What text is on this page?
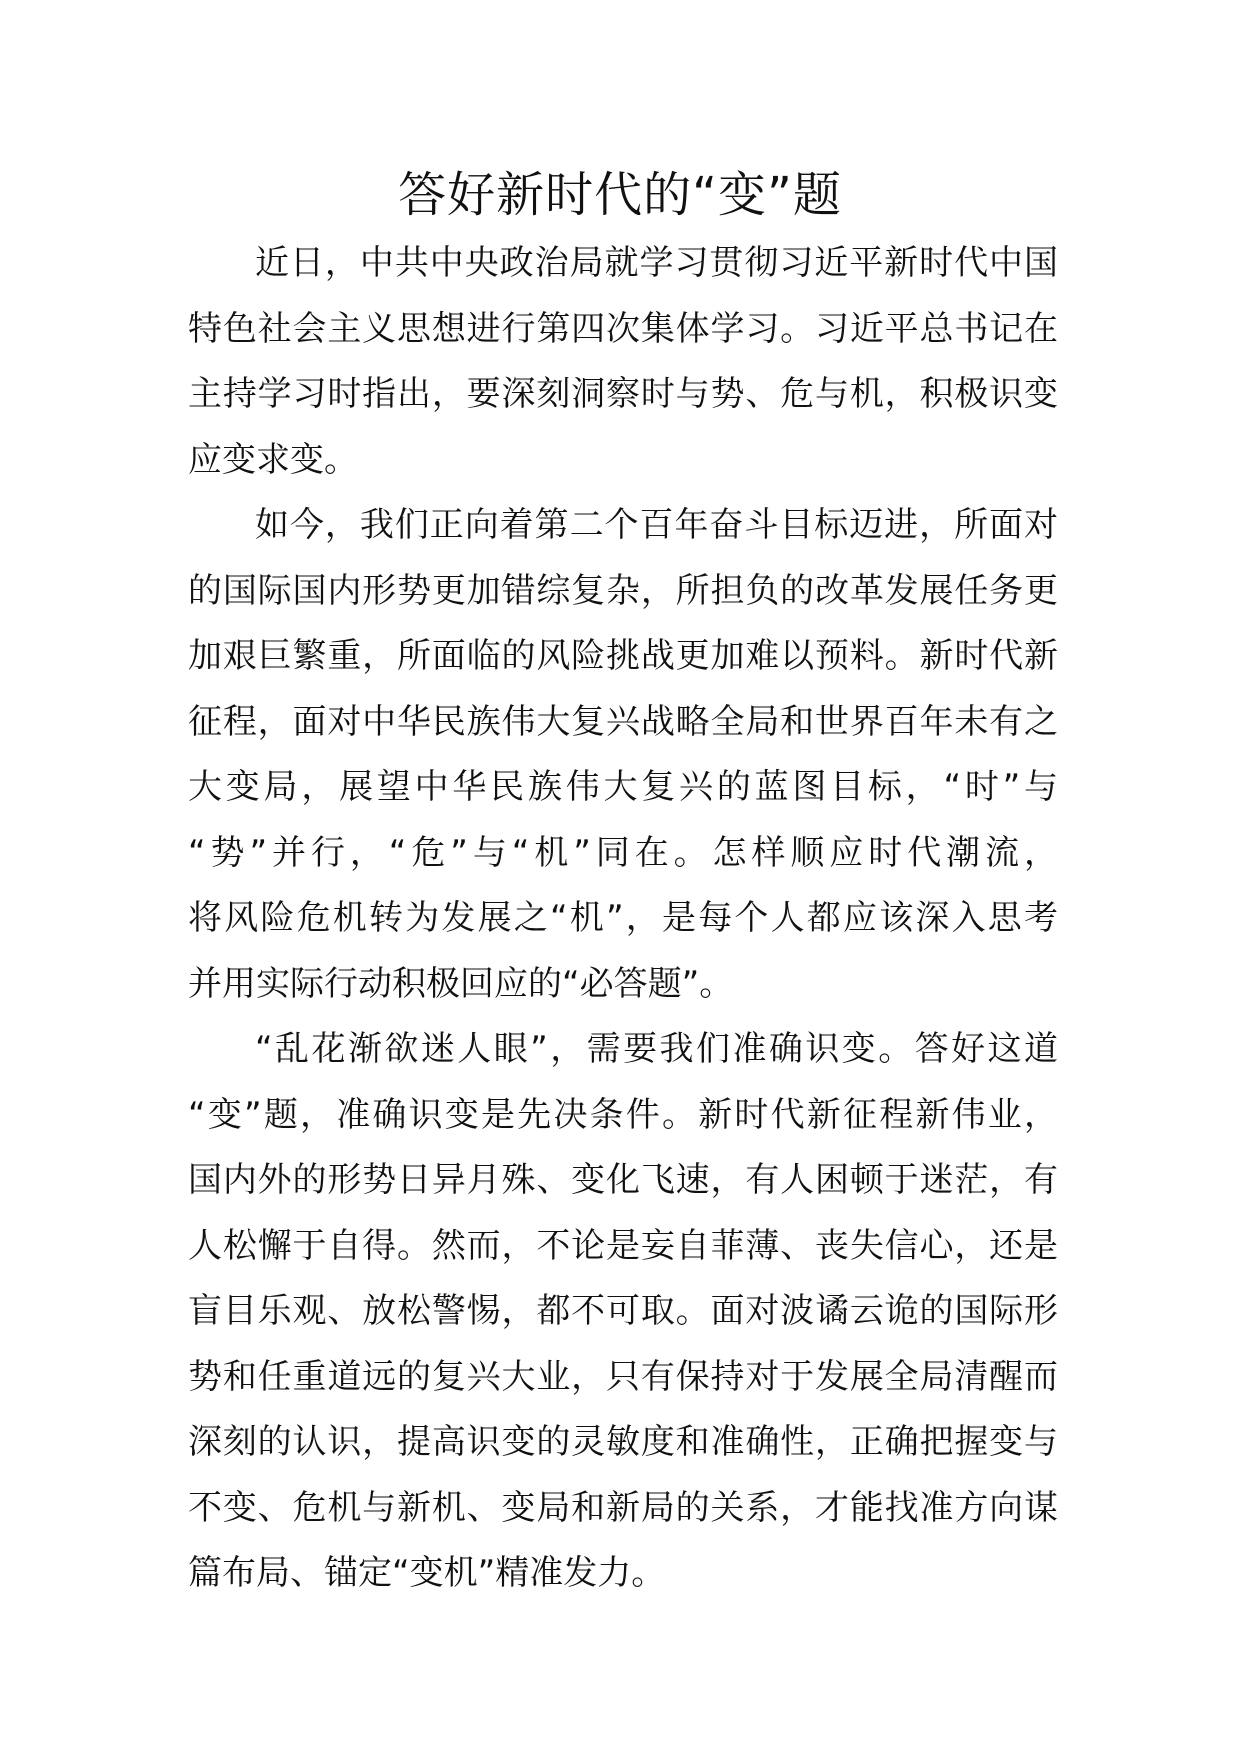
答好新时代的“变”题
近日，中共中央政治局就学习贯彻习近平新时代中国
特色社会主义思想进行第四次集体学习。习近平总书记在
主持学习时指出，要深刻洞察时与势、危与机，积极识变
应变求变。
如今，我们正向着第二个百年奋斗目标迈进，所面对
的国际国内形势更加错综复杂，所担负的改革发展任务更
加艰巨繁重，所面临的风险挑战更加难以预料。新时代新
征程，面对中华民族伟大复兴战略全局和世界百年未有之
大变局，展望中华民族伟大复兴的蓝图目标，“时”与
“势”并行，“危”与“机”同在。怎样顺应时代潮流，
将风险危机转为发展之“机”，是每个人都应该深入思考
并用实际行动积极回应的“必答题”。
“乱花渐欲迷人眼”，需要我们准确识变。答好这道
“变”题，准确识变是先决条件。新时代新征程新伟业，
国内外的形势日异月殊、变化飞速，有人困顿于迷茫，有
人松懈于自得。然而，不论是妄自菲薄、丧失信心，还是
盲目乐观、放松警惕，都不可取。面对波谲云诡的国际形
势和任重道远的复兴大业，只有保持对于发展全局清醒而
深刻的认识，提高识变的灵敏度和准确性，正确把握变与
不变、危机与新机、变局和新局的关系，才能找准方向谋
篇布局、锚定“变机”精准发力。
